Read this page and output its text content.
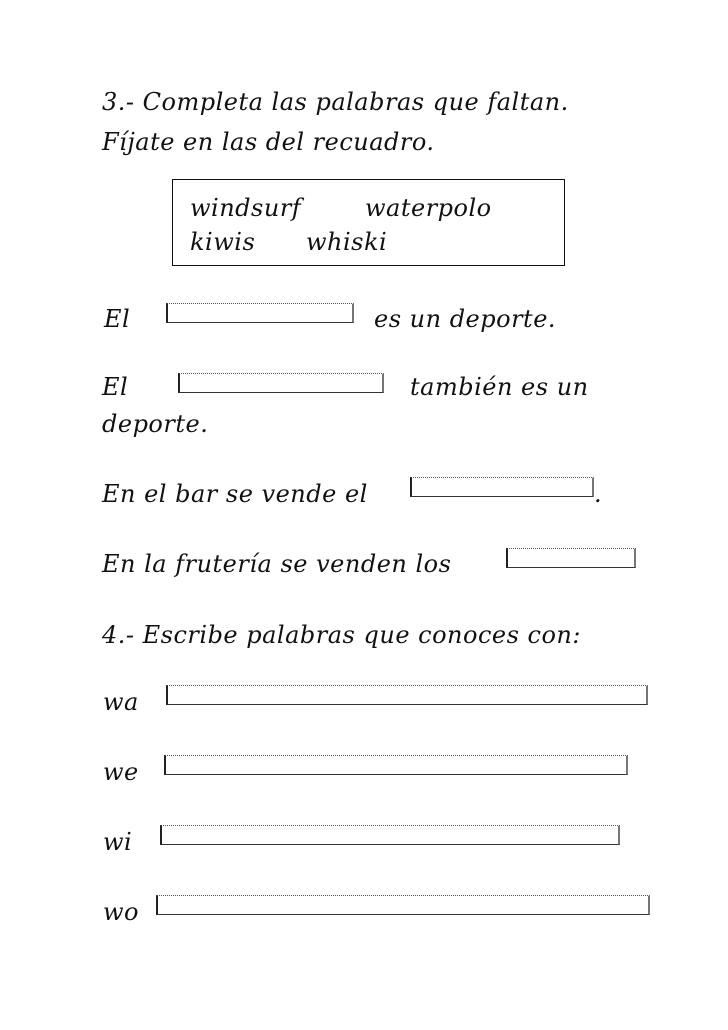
3.- Completa las palabras que faltan.
Fíjate en las del recuadro.
windsurf	waterpolo
kiwis whiski
El	es un deporte.
El	también es un
deporte.
En el bar se vende el	.
En la frutería se venden los
4.- Escribe palabras que conoces con:
wa
we
wi
wo
